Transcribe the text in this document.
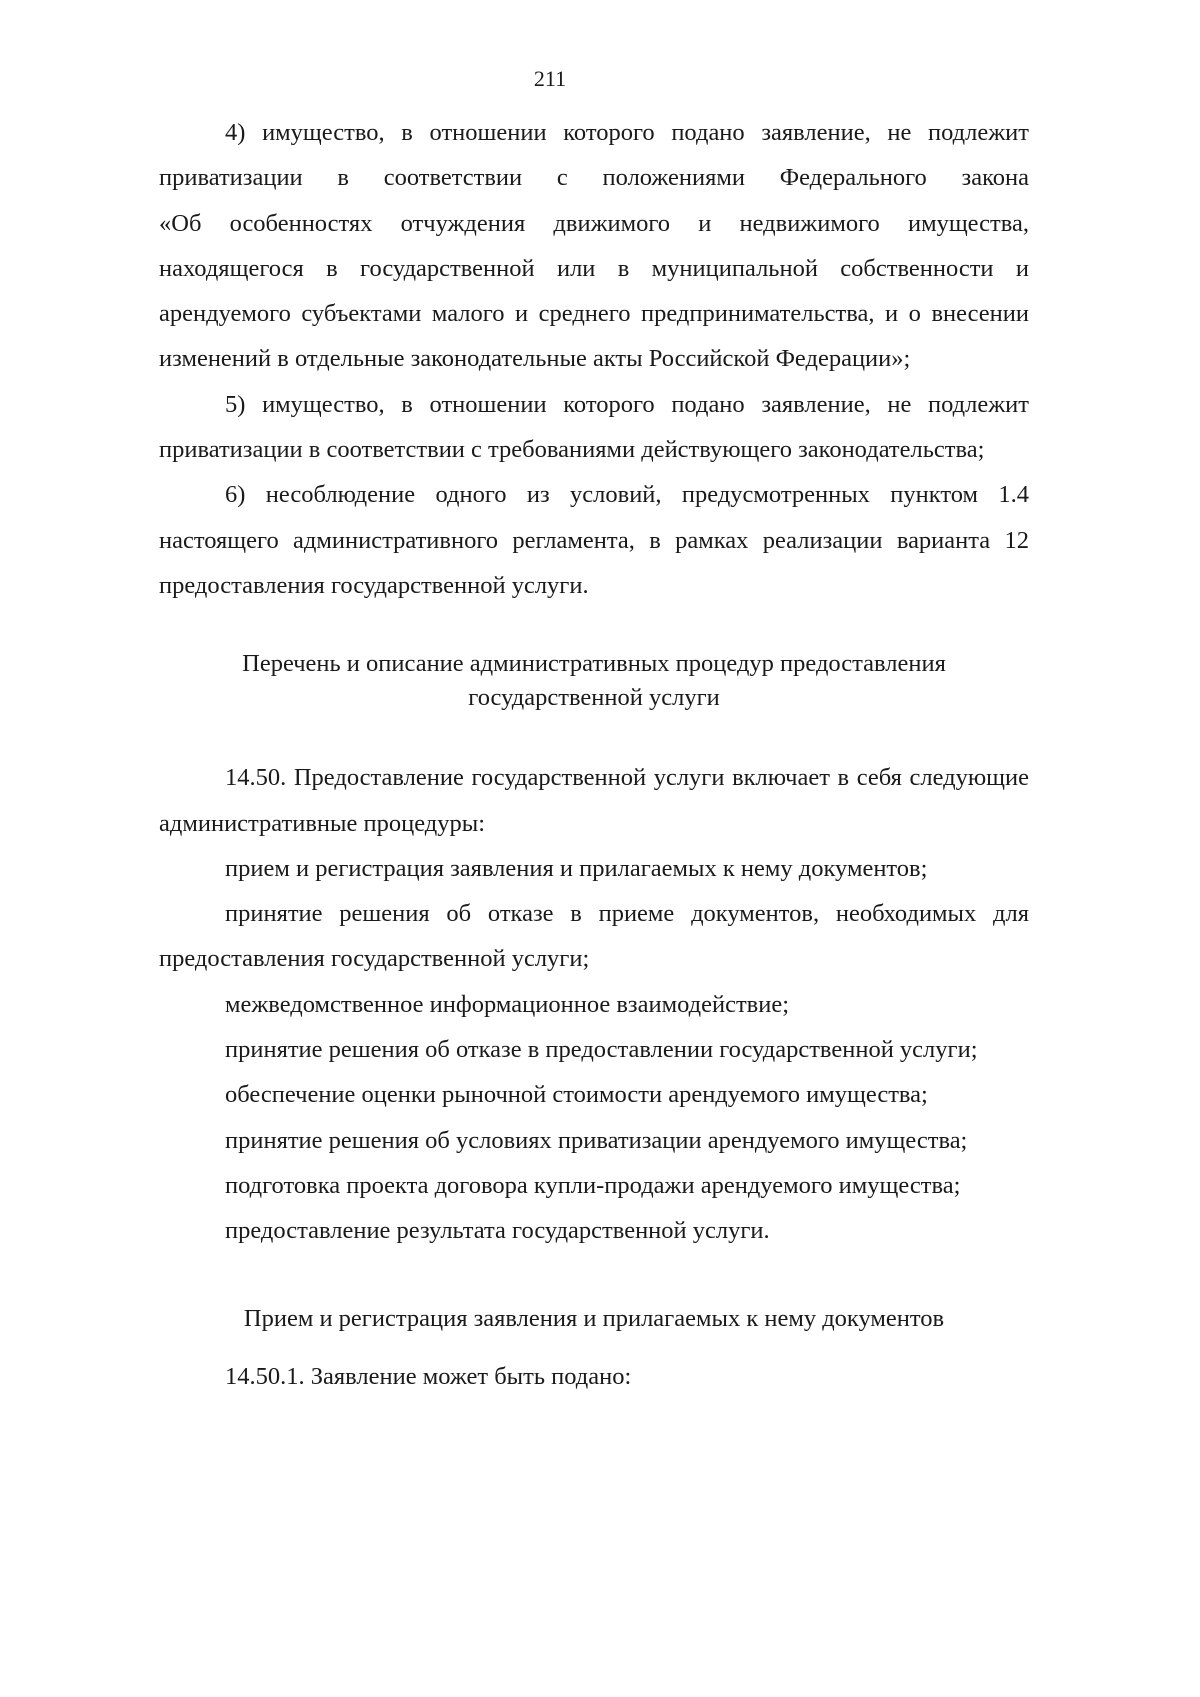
211

4) имущество, в отношении которого подано заявление, не подлежит приватизации в соответствии с положениями Федерального закона «Об особенностях отчуждения движимого и недвижимого имущества, находящегося в государственной или в муниципальной собственности и арендуемого субъектами малого и среднего предпринимательства, и о внесении изменений в отдельные законодательные акты Российской Федерации»;

5) имущество, в отношении которого подано заявление, не подлежит приватизации в соответствии с требованиями действующего законодательства;

6) несоблюдение одного из условий, предусмотренных пунктом 1.4 настоящего административного регламента, в рамках реализации варианта 12 предоставления государственной услуги.

Перечень и описание административных процедур предоставления
государственной услуги

14.50. Предоставление государственной услуги включает в себя следующие административные процедуры:

прием и регистрация заявления и прилагаемых к нему документов;

принятие решения об отказе в приеме документов, необходимых для предоставления государственной услуги;

межведомственное информационное взаимодействие;

принятие решения об отказе в предоставлении государственной услуги;

обеспечение оценки рыночной стоимости арендуемого имущества;

принятие решения об условиях приватизации арендуемого имущества;

подготовка проекта договора купли-продажи арендуемого имущества;

предоставление результата государственной услуги.

Прием и регистрация заявления и прилагаемых к нему документов

14.50.1. Заявление может быть подано:
